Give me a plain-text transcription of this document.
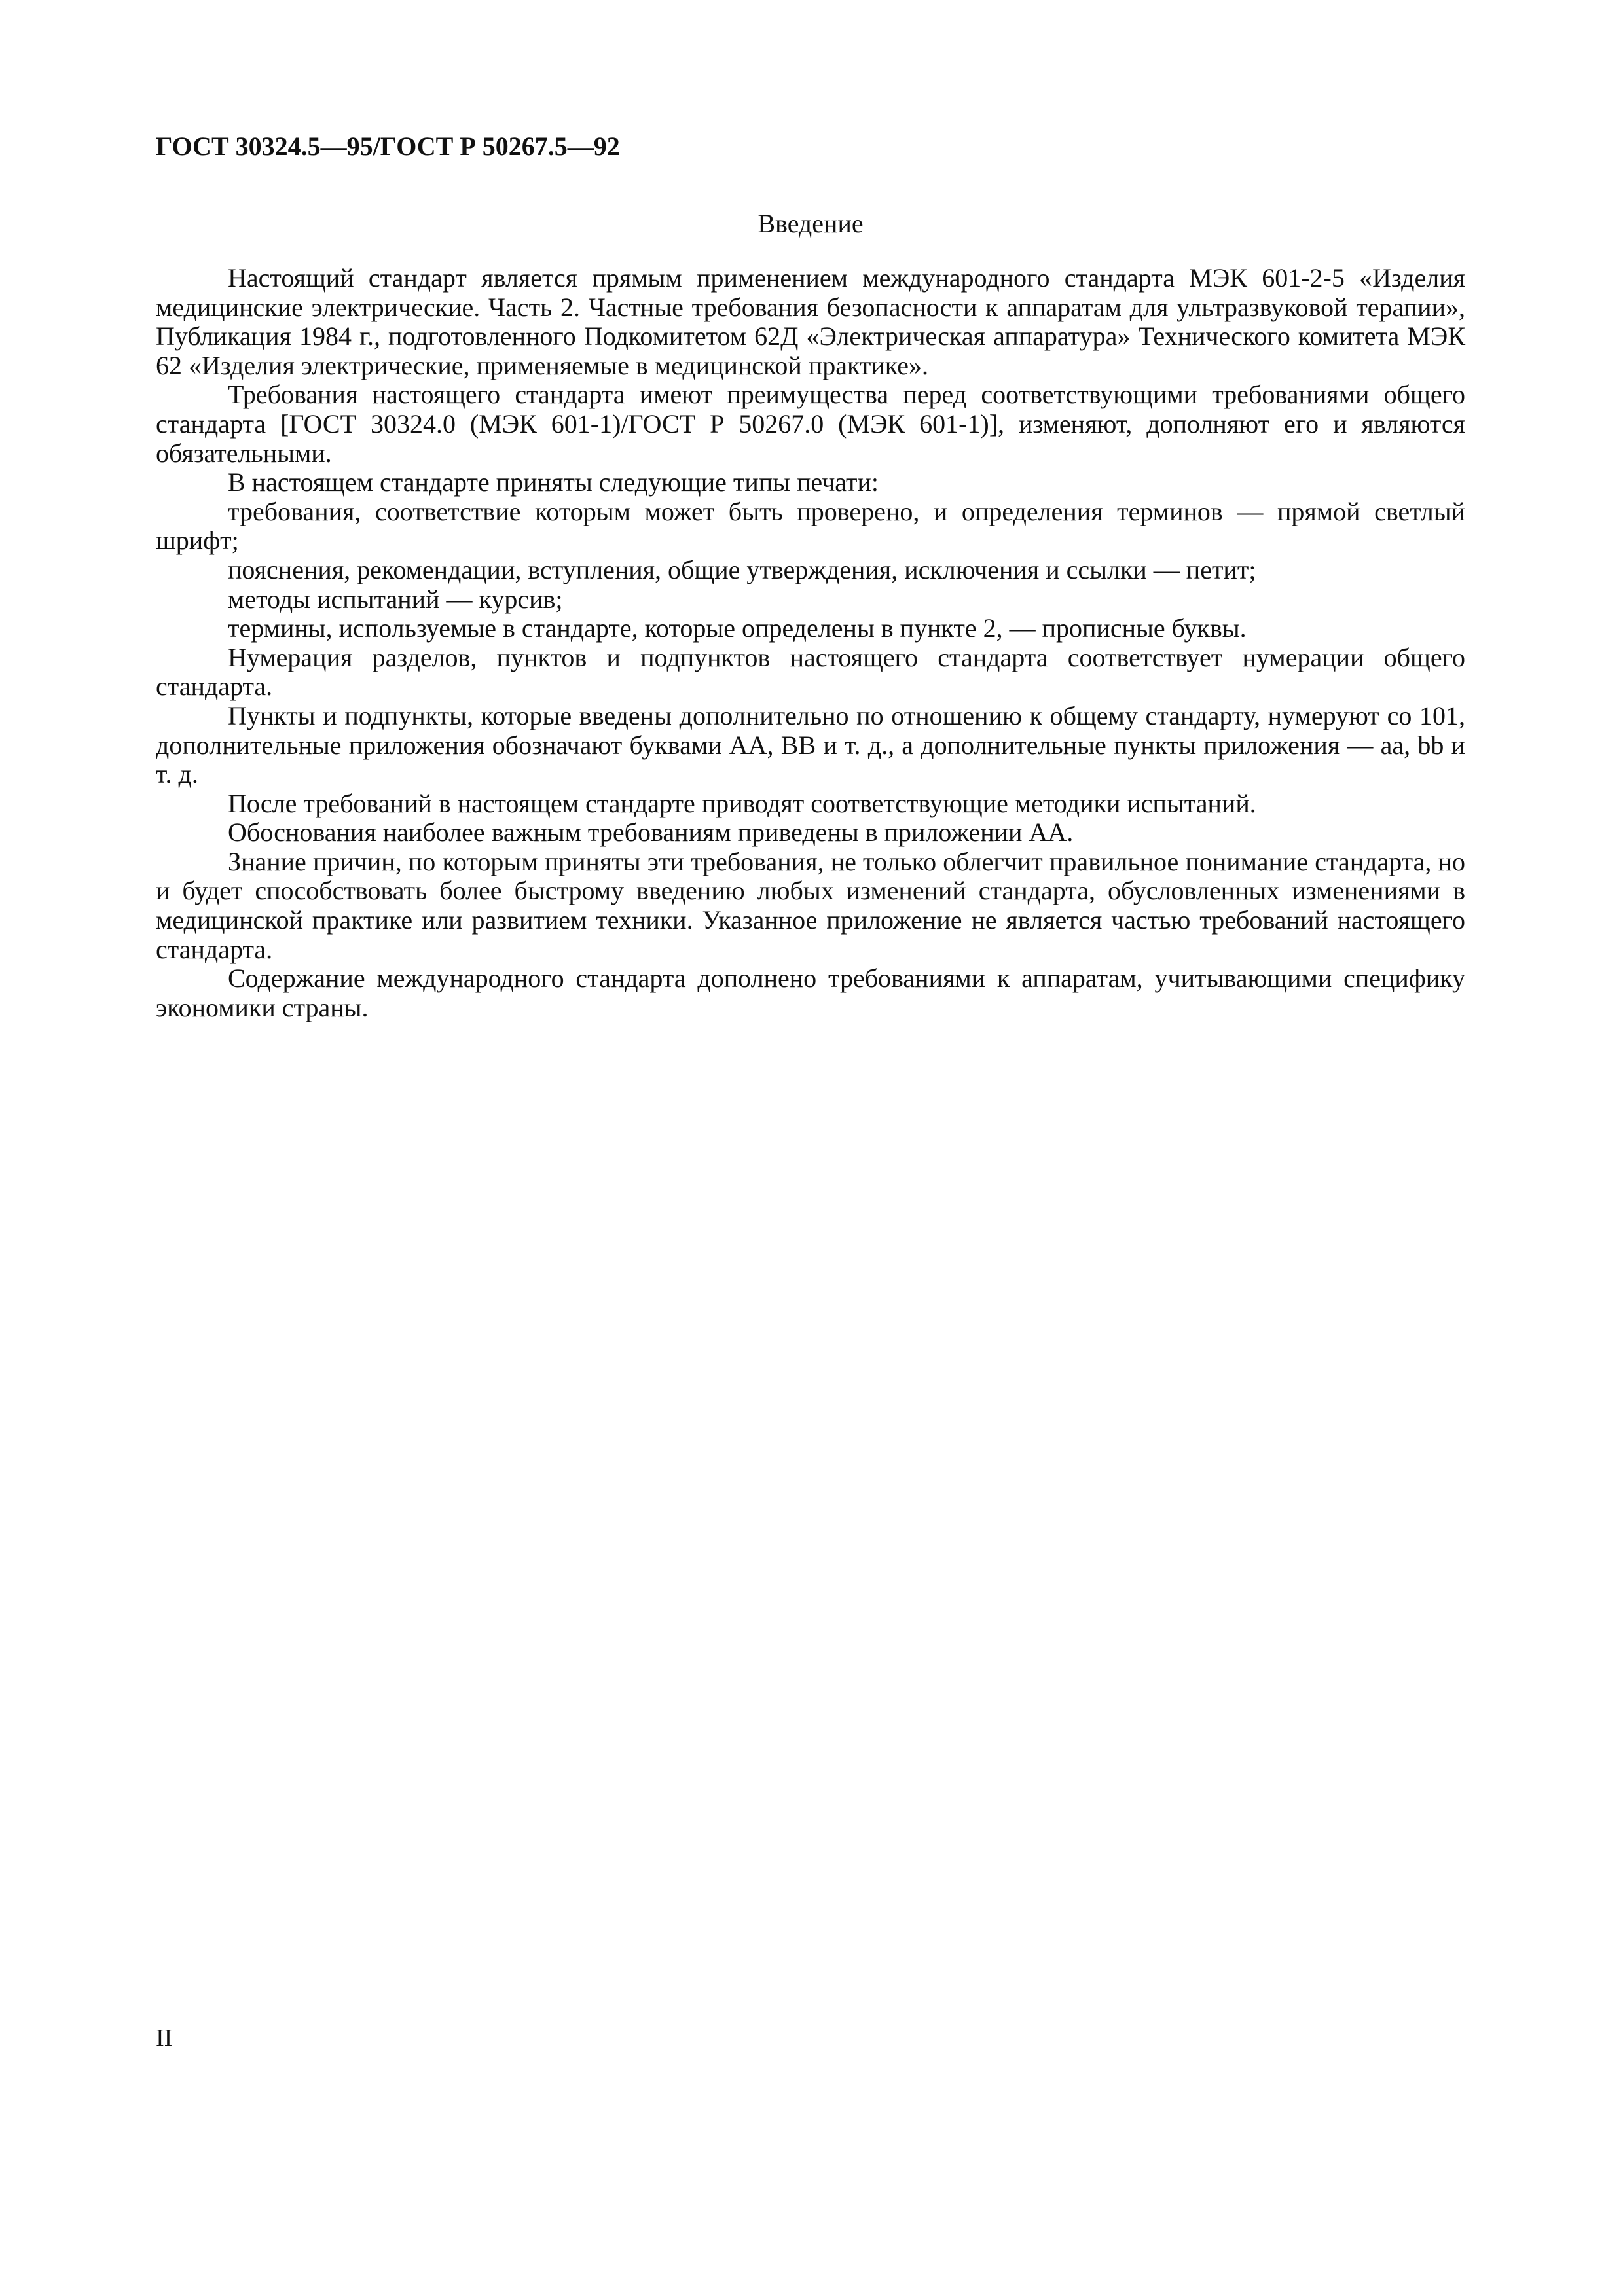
ГОСТ 30324.5—95/ГОСТ Р 50267.5—92
Введение

Настоящий стандарт является прямым применением международного стандарта МЭК 601-2-5 «Изделия медицинские электрические. Часть 2. Частные требования безопасности к аппаратам для ультразвуковой терапии», Публикация 1984 г., подготовленного Подкомитетом 62Д «Электрическая аппаратура» Технического комитета МЭК 62 «Изделия электрические, применяемые в медицинской практике».

Требования настоящего стандарта имеют преимущества перед соответствующими требованиями общего стандарта [ГОСТ 30324.0 (МЭК 601-1)/ГОСТ Р 50267.0 (МЭК 601-1)], изменяют, дополняют его и являются обязательными.

В настоящем стандарте приняты следующие типы печати:

требования, соответствие которым может быть проверено, и определения терминов — прямой светлый шрифт;

пояснения, рекомендации, вступления, общие утверждения, исключения и ссылки — петит;

методы испытаний — курсив;

термины, используемые в стандарте, которые определены в пункте 2, — прописные буквы.

Нумерация разделов, пунктов и подпунктов настоящего стандарта соответствует нумерации общего стандарта.

Пункты и подпункты, которые введены дополнительно по отношению к общему стандарту, нумеруют со 101, дополнительные приложения обозначают буквами АА, ВВ и т. д., а дополнительные пункты приложения — аа, bb и т. д.

После требований в настоящем стандарте приводят соответствующие методики испытаний.

Обоснования наиболее важным требованиям приведены в приложении АА.

Знание причин, по которым приняты эти требования, не только облегчит правильное понимание стандарта, но и будет способствовать более быстрому введению любых изменений стандарта, обусловленных изменениями в медицинской практике или развитием техники. Указанное приложение не является частью требований настоящего стандарта.

Содержание международного стандарта дополнено требованиями к аппаратам, учитывающими специфику экономики страны.

II
